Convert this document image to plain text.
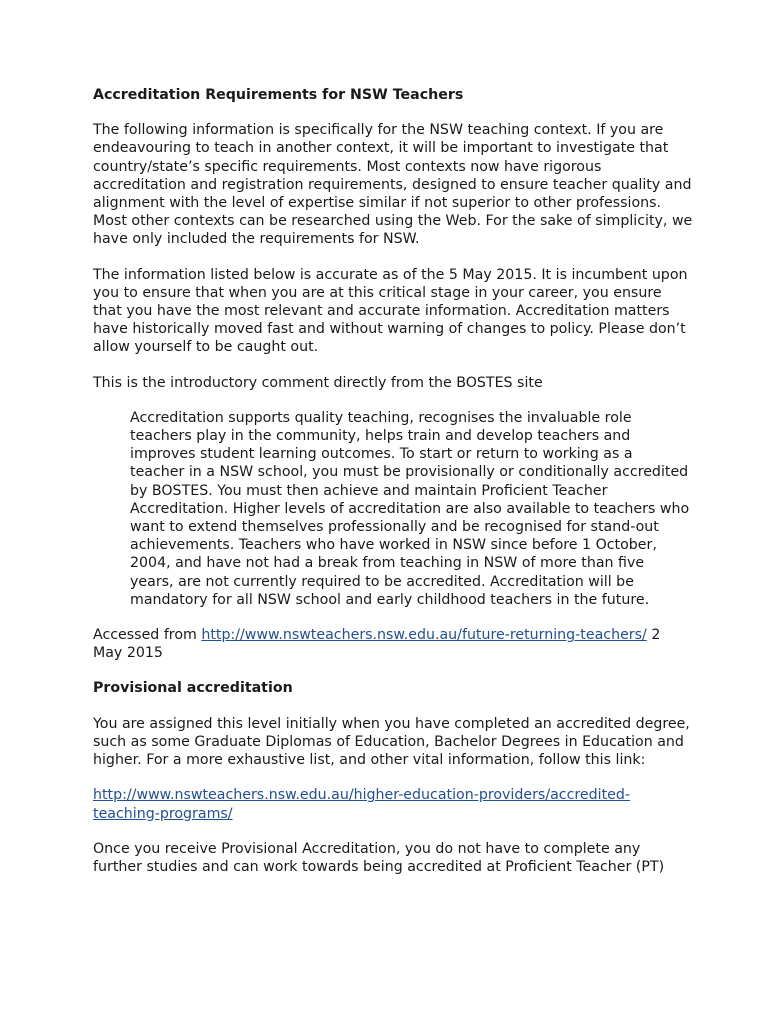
Accreditation Requirements for NSW Teachers

The following information is specifically for the NSW teaching context. If you are endeavouring to teach in another context, it will be important to investigate that country/state’s specific requirements. Most contexts now have rigorous accreditation and registration requirements, designed to ensure teacher quality and alignment with the level of expertise similar if not superior to other professions. Most other contexts can be researched using the Web. For the sake of simplicity, we have only included the requirements for NSW.

The information listed below is accurate as of the 5 May 2015. It is incumbent upon you to ensure that when you are at this critical stage in your career, you ensure that you have the most relevant and accurate information. Accreditation matters have historically moved fast and without warning of changes to policy. Please don’t allow yourself to be caught out.

This is the introductory comment directly from the BOSTES site

Accreditation supports quality teaching, recognises the invaluable role teachers play in the community, helps train and develop teachers and improves student learning outcomes. To start or return to working as a teacher in a NSW school, you must be provisionally or conditionally accredited by BOSTES. You must then achieve and maintain Proficient Teacher Accreditation. Higher levels of accreditation are also available to teachers who want to extend themselves professionally and be recognised for stand-out achievements. Teachers who have worked in NSW since before 1 October, 2004, and have not had a break from teaching in NSW of more than five years, are not currently required to be accredited. Accreditation will be mandatory for all NSW school and early childhood teachers in the future.

Accessed from http://www.nswteachers.nsw.edu.au/future-returning-teachers/ 2 May 2015

Provisional accreditation

You are assigned this level initially when you have completed an accredited degree, such as some Graduate Diplomas of Education, Bachelor Degrees in Education and higher. For a more exhaustive list, and other vital information, follow this link:

http://www.nswteachers.nsw.edu.au/higher-education-providers/accredited-teaching-programs/

Once you receive Provisional Accreditation, you do not have to complete any further studies and can work towards being accredited at Proficient Teacher (PT)
